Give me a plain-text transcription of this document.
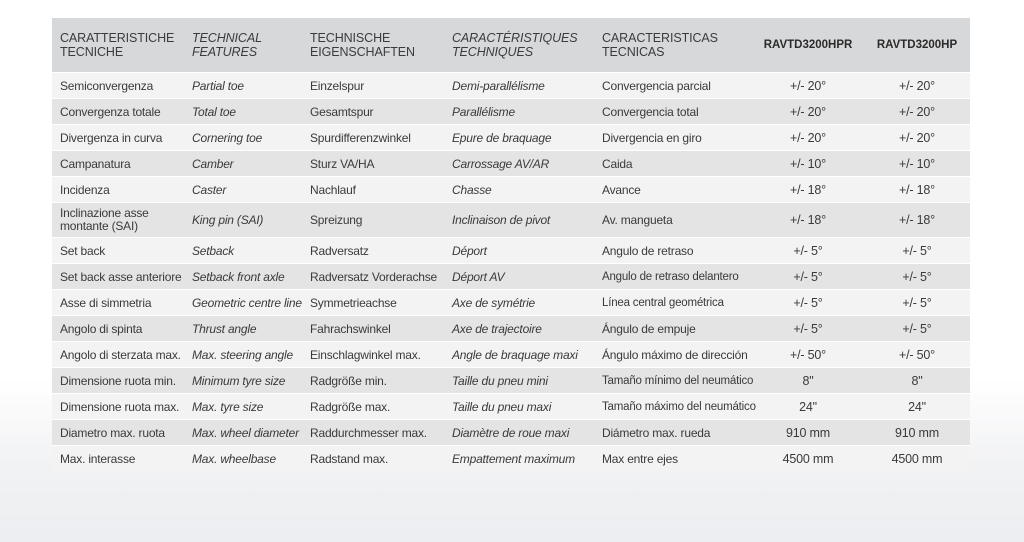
CARATTERISTICHE TECNICHE	TECHNICAL FEATURES	TECHNISCHE EIGENSCHAFTEN	CARACTÉRISTIQUES TECHNIQUES	CARACTERISTICAS TECNICAS	RAVTD3200HPR	RAVTD3200HP
Semiconvergenza	Partial toe	Einzelspur	Demi-parallélisme	Convergencia parcial	+/- 20°	+/- 20°
Convergenza totale	Total toe	Gesamtspur	Parallélisme	Convergencia total	+/- 20°	+/- 20°
Divergenza in curva	Cornering toe	Spurdifferenzwinkel	Epure de braquage	Divergencia en giro	+/- 20°	+/- 20°
Campanatura	Camber	Sturz VA/HA	Carrossage AV/AR	Caida	+/- 10°	+/- 10°
Incidenza	Caster	Nachlauf	Chasse	Avance	+/- 18°	+/- 18°
Inclinazione asse montante (SAI)	King pin (SAI)	Spreizung	Inclinaison de pivot	Av. mangueta	+/- 18°	+/- 18°
Set back	Setback	Radversatz	Déport	Angulo de retraso	+/- 5°	+/- 5°
Set back asse anteriore	Setback front axle	Radversatz Vorderachse	Déport AV	Angulo de retraso delantero	+/- 5°	+/- 5°
Asse di simmetria	Geometric centre line	Symmetrieachse	Axe de symétrie	Línea central geométrica	+/- 5°	+/- 5°
Angolo di spinta	Thrust angle	Fahrachswinkel	Axe de trajectoire	Ángulo de empuje	+/- 5°	+/- 5°
Angolo di sterzata max.	Max. steering angle	Einschlagwinkel max.	Angle de braquage maxi	Ángulo máximo de dirección	+/- 50°	+/- 50°
Dimensione ruota min.	Minimum tyre size	Radgröße min.	Taille du pneu mini	Tamaño mínimo del neumático	8"	8"
Dimensione ruota max.	Max. tyre size	Radgröße max.	Taille du pneu maxi	Tamaño máximo del neumático	24"	24"
Diametro max. ruota	Max. wheel diameter	Raddurchmesser max.	Diamètre de roue maxi	Diámetro max. rueda	910 mm	910 mm
Max. interasse	Max. wheelbase	Radstand max.	Empattement maximum	Max entre ejes	4500 mm	4500 mm
